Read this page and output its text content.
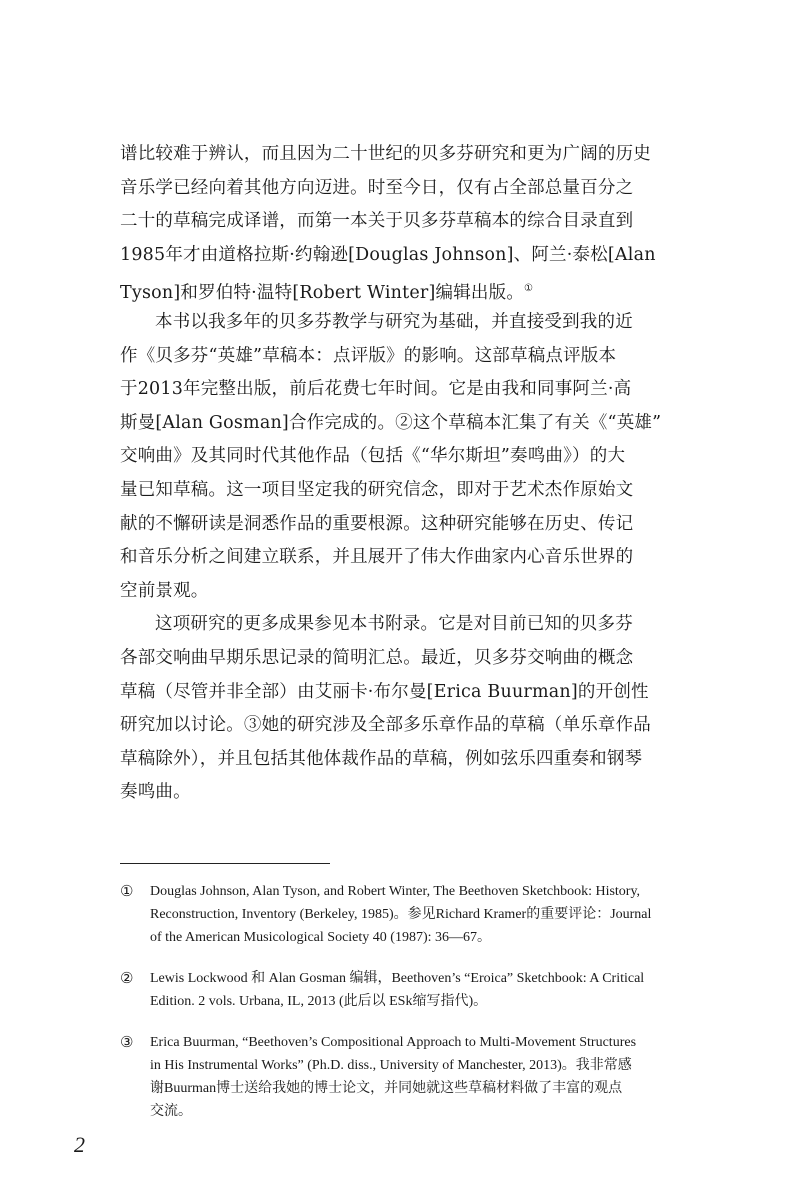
谱比较难于辨认，而且因为二十世纪的贝多芬研究和更为广阔的历史
音乐学已经向着其他方向迈进。时至今日，仅有占全部总量百分之
二十的草稿完成译谱，而第一本关于贝多芬草稿本的综合目录直到
1985年才由道格拉斯·约翰逊[Douglas Johnson]、阿兰·泰松[Alan
Tyson]和罗伯特·温特[Robert Winter]编辑出版。①
本书以我多年的贝多芬教学与研究为基础，并直接受到我的近
作《贝多芬“英雄”草稿本：点评版》的影响。这部草稿点评版本
于2013年完整出版，前后花费七年时间。它是由我和同事阿兰·高
斯曼[Alan Gosman]合作完成的。②这个草稿本汇集了有关《“英雄”
交响曲》及其同时代其他作品（包括《“华尔斯坦”奏鸣曲》）的大
量已知草稿。这一项目坚定我的研究信念，即对于艺术杰作原始文
献的不懈研读是洞悉作品的重要根源。这种研究能够在历史、传记
和音乐分析之间建立联系，并且展开了伟大作曲家内心音乐世界的
空前景观。
这项研究的更多成果参见本书附录。它是对目前已知的贝多芬
各部交响曲早期乐思记录的简明汇总。最近，贝多芬交响曲的概念
草稿（尽管并非全部）由艾丽卡·布尔曼[Erica Buurman]的开创性
研究加以讨论。③她的研究涉及全部多乐章作品的草稿（单乐章作品
草稿除外），并且包括其他体裁作品的草稿，例如弦乐四重奏和钢琴
奏鸣曲。
①	Douglas Johnson, Alan Tyson, and Robert Winter, The Beethoven Sketchbook: History,
Reconstruction, Inventory (Berkeley, 1985)。参见Richard Kramer的重要评论：Journal
of the American Musicological Society 40 (1987): 36—67。
②	Lewis Lockwood 和 Alan Gosman 编辑，Beethoven’s “Eroica” Sketchbook: A Critical
Edition. 2 vols. Urbana, IL, 2013 (此后以 ESk缩写指代)。
③	Erica Buurman, “Beethoven’s Compositional Approach to Multi-Movement Structures
in His Instrumental Works” (Ph.D. diss., University of Manchester, 2013)。我非常感
谢Buurman博士送给我她的博士论文，并同她就这些草稿材料做了丰富的观点
交流。
2
